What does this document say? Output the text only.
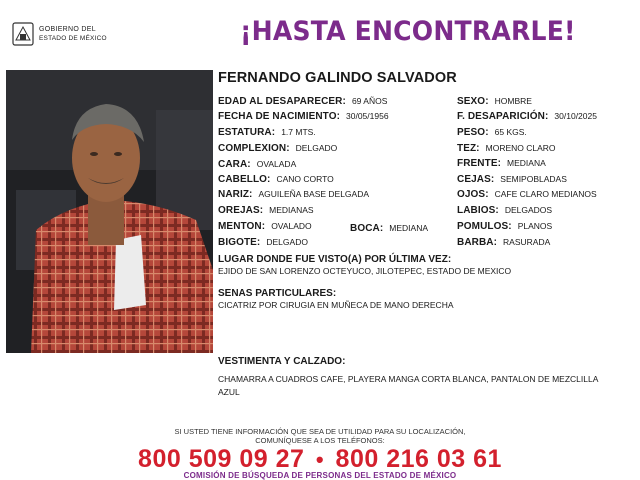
GOBIERNO DEL
ESTADO DE MÉXICO	¡HASTA ENCONTRARLE!
FERNANDO GALINDO SALVADOR
EDAD AL DESAPARECER: 69 AÑOS
FECHA DE NACIMIENTO: 30/05/1956
ESTATURA: 1.7 MTS.
COMPLEXION: DELGADO
CARA: OVALADA
CABELLO: CANO CORTO
NARIZ: AGUILEÑA BASE DELGADA
OREJAS: MEDIANAS
MENTON: OVALADO	BOCA: MEDIANA
BIGOTE: DELGADO
SEXO: HOMBRE
F. DESAPARICIÓN: 30/10/2025
PESO: 65 KGS.
TEZ: MORENO CLARO
FRENTE: MEDIANA
CEJAS: SEMIPOBLADAS
OJOS: CAFE CLARO MEDIANOS
LABIOS: DELGADOS
POMULOS: PLANOS
BARBA: RASURADA
LUGAR DONDE FUE VISTO(A) POR ÚLTIMA VEZ:
EJIDO DE SAN LORENZO OCTEYUCO, JILOTEPEC, ESTADO DE MEXICO
SENAS PARTICULARES:
CICATRIZ POR CIRUGIA EN MUÑECA DE MANO DERECHA
VESTIMENTA Y CALZADO:
CHAMARRA A CUADROS CAFE, PLAYERA MANGA CORTA BLANCA, PANTALON DE MEZCLILLA AZUL
SI USTED TIENE INFORMACIÓN QUE SEA DE UTILIDAD PARA SU LOCALIZACIÓN,
COMUNÍQUESE A LOS TELÉFONOS:
800 509 09 27 • 800 216 03 61
COMISIÓN DE BÚSQUEDA DE PERSONAS DEL ESTADO DE MÉXICO
